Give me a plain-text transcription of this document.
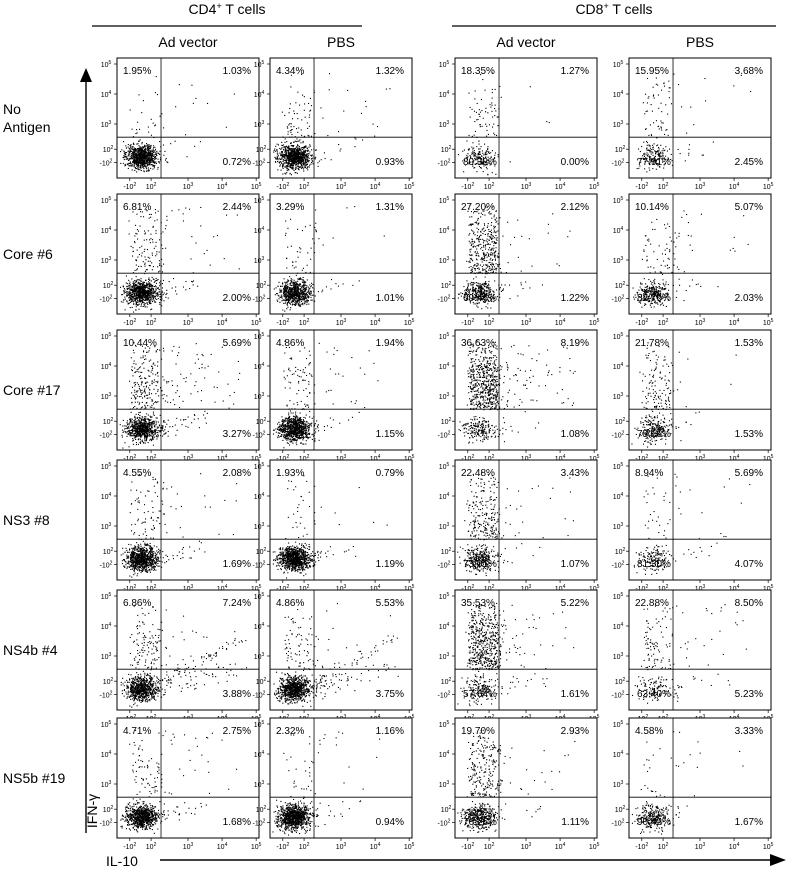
CD4+ T cells	CD8+ T cells
Ad vector	PBS	Ad vector	PBS
No
Antigen
Core #6
Core #17
NS3 #8
NS4b #4
NS5b #19
1.95%	1.03%
0.72%
$10^5$
$10^4$
$10^3$
$-10^2$
$10^2$
$-10^2$ $10^2$	$10^3$	$10^4$	$10^5$
4.34%	1.32%
0.93%
$10^5$
$10^4$
$10^3$
$-10^2$
$10^2$
$-10^2$ $10^2$	$10^3$	$10^4$	$10^5$
18.35%	1.27%
0.00%
80.38%
$10^5$
$10^4$
$10^3$
$-10^2$
$10^2$
$-10^2$ $10^2$	$10^3$	$10^4$	$10^5$
15.95%	3.68%
2.45%
77.91%
$10^5$
$10^4$
$10^3$
$-10^2$
$10^2$
$-10^2$ $10^2$	$10^3$	$10^4$	$10^5$
6.81%	2.44%
2.00%
$10^5$
$10^4$
$10^3$
$-10^2$
$10^2$
$-10^2$ $10^2$	$10^3$	$10^4$	$10^5$
3.29%	1.31%
1.01%
$10^5$
$10^4$
$10^3$
$-10^2$
$10^2$
$-10^2$ $10^2$	$10^3$	$10^4$	$10^5$
27.20%	2.12%
1.22%
69.46%
$10^5$
$10^4$
$10^3$
$-10^2$
$10^2$
$-10^2$ $10^2$	$10^3$	$10^4$	$10^5$
10.14%	5.07%
2.03%
82.76%
$10^5$
$10^4$
$10^3$
$-10^2$
$10^2$
$-10^2$ $10^2$	$10^3$	$10^4$	$10^5$
10.44%	5.69%
3.27%
$10^5$
$10^4$
$10^3$
$-10^2$
$10^2$
$^2$	$^2$	$^3$	$^4$	$^5$
4.86%	1.94%
1.15%
$10^5$
$10^4$
$10^3$
$-10^2$
$10^2$
$^2$	$^2$	$^3$	$^4$	$^5$
36.63%	8.19%
1.08%
$10^5$
$10^4$
$10^3$
$-10^2$
$10^2$
$^2$	$^2$	$^3$	$^4$	$^5$
21.78%	1.53%
1.53%
75.16%
$10^5$
$10^4$
$10^3$
$-10^2$
$10^2$
$^2$	$^2$	$^3$	$^4$	$^5$
4.55%	2.08%
1.69%
$10^5$
$10^4$
$10^3$
$-10^2$
$10^2$
$^2$	$^2$	$^3$	$^4$	$^5$
1.93%	0.79%
1.19%
$10^5$
$10^4$
$10^3$
$-10^2$
$10^2$
$^2$	$^2$	$^3$	$^4$	$^5$
22.48%	3.43%
1.07%
73.01%
$10^5$
$10^4$
$10^3$
$-10^2$
$10^2$
$^2$	$^2$	$^3$	$^4$	$^5$
8.94%	5.69%
4.07%
81.30%
$10^5$
$10^4$
$10^3$
$-10^2$
$10^2$
$^2$	$^2$	$^3$	$^4$	$^5$
6.86%	7.24%
3.88%
$10^5$
$10^4$
$10^3$
$-10^2$
$10^2$
$^2$	$^2$	$^3$	$^4$	$^5$
4.86%	5.53%
3.75%
$10^5$
$10^4$
$10^3$
$-10^2$
$10^2$
$^2$	$^2$	$^3$	$^4$	$^5$
35.53%	5.22%
1.61%
57.64%
$10^5$
$10^4$
$10^3$
$-10^2$
$10^2$
$^2$	$^2$	$^3$	$^4$	$^5$
22.88%	8.50%
5.23%
63.40%
$10^5$
$10^4$
$10^3$
$-10^2$
$10^2$
$^2$	$^2$	$^3$	$^4$	$^5$
4.71%	2.75%
1.68%
$10^5$
$10^4$
$10^3$
$-10^2$
$10^2$
$-10^2$ $10^2$	$10^3$	$10^4$	$10^5$
2.32%	1.16%
0.94%
$10^5$
$10^4$
$10^3$
$-10^2$
$10^2$
$-10^2$ $10^2$	$10^3$	$10^4$	$10^5$
19.70%	2.93%
1.11%
76.26%
$10^5$
$10^4$
$10^3$
$-10^2$
$10^2$
$-10^2$ $10^2$	$10^3$	$10^4$	$10^5$
4.58%	3.33%
1.67%
90.42%
$10^5$
$10^4$
$10^3$
$-10^2$
$10^2$
$-10^2$ $10^2$	$10^3$	$10^4$	$10^5$
IFN-γ
IL-10
